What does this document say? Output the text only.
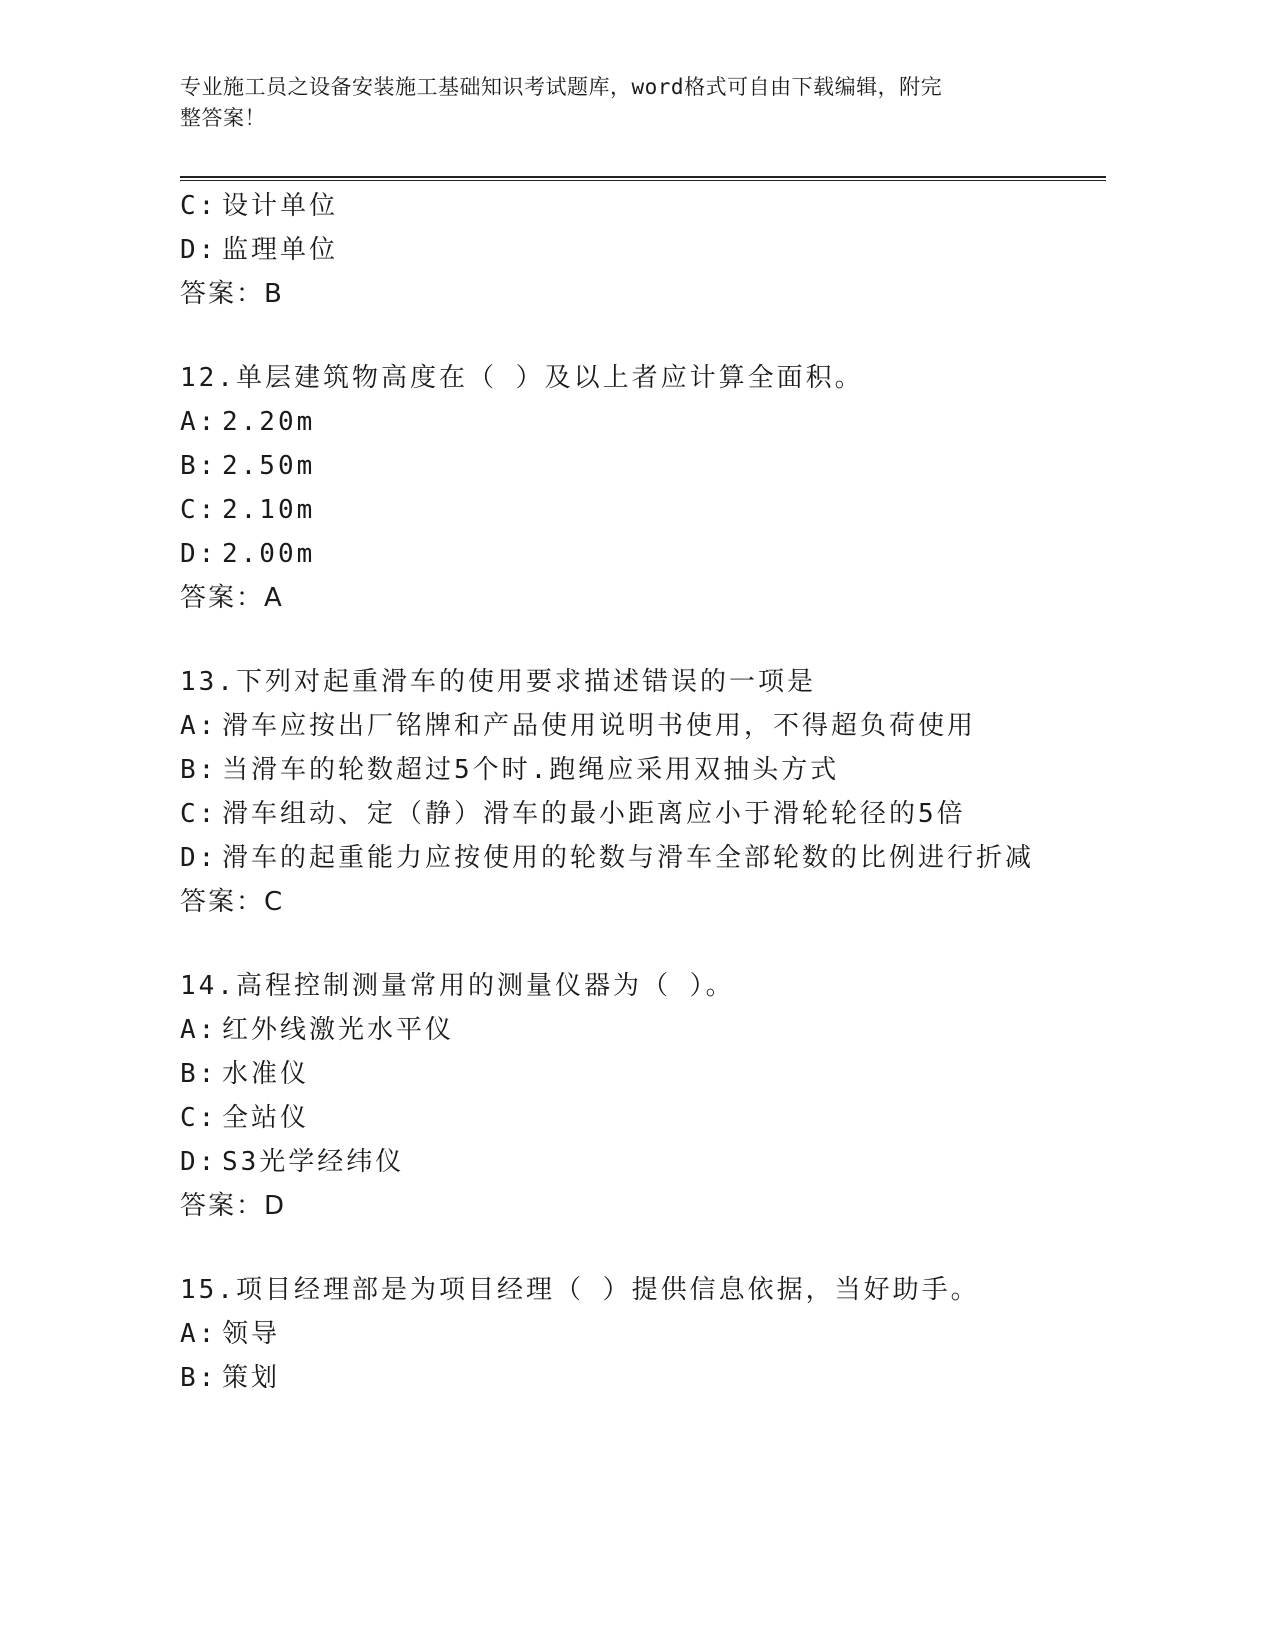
专业施工员之设备安装施工基础知识考试题库，word格式可自由下载编辑，附完
整答案！
C: 设计单位
D: 监理单位
答案：B
12.单层建筑物高度在（ ）及以上者应计算全面积。
A: 2.20m
B: 2.50m
C: 2.10m
D: 2.00m
答案：A
13.下列对起重滑车的使用要求描述错误的一项是
A: 滑车应按出厂铭牌和产品使用说明书使用，不得超负荷使用
B: 当滑车的轮数超过5个时.跑绳应采用双抽头方式
C: 滑车组动、定（静）滑车的最小距离应小于滑轮轮径的5倍
D: 滑车的起重能力应按使用的轮数与滑车全部轮数的比例进行折减
答案：C
14.高程控制测量常用的测量仪器为（ ）。
A: 红外线激光水平仪
B: 水准仪
C: 全站仪
D: S3光学经纬仪
答案：D
15.项目经理部是为项目经理（ ）提供信息依据，当好助手。
A: 领导
B: 策划
